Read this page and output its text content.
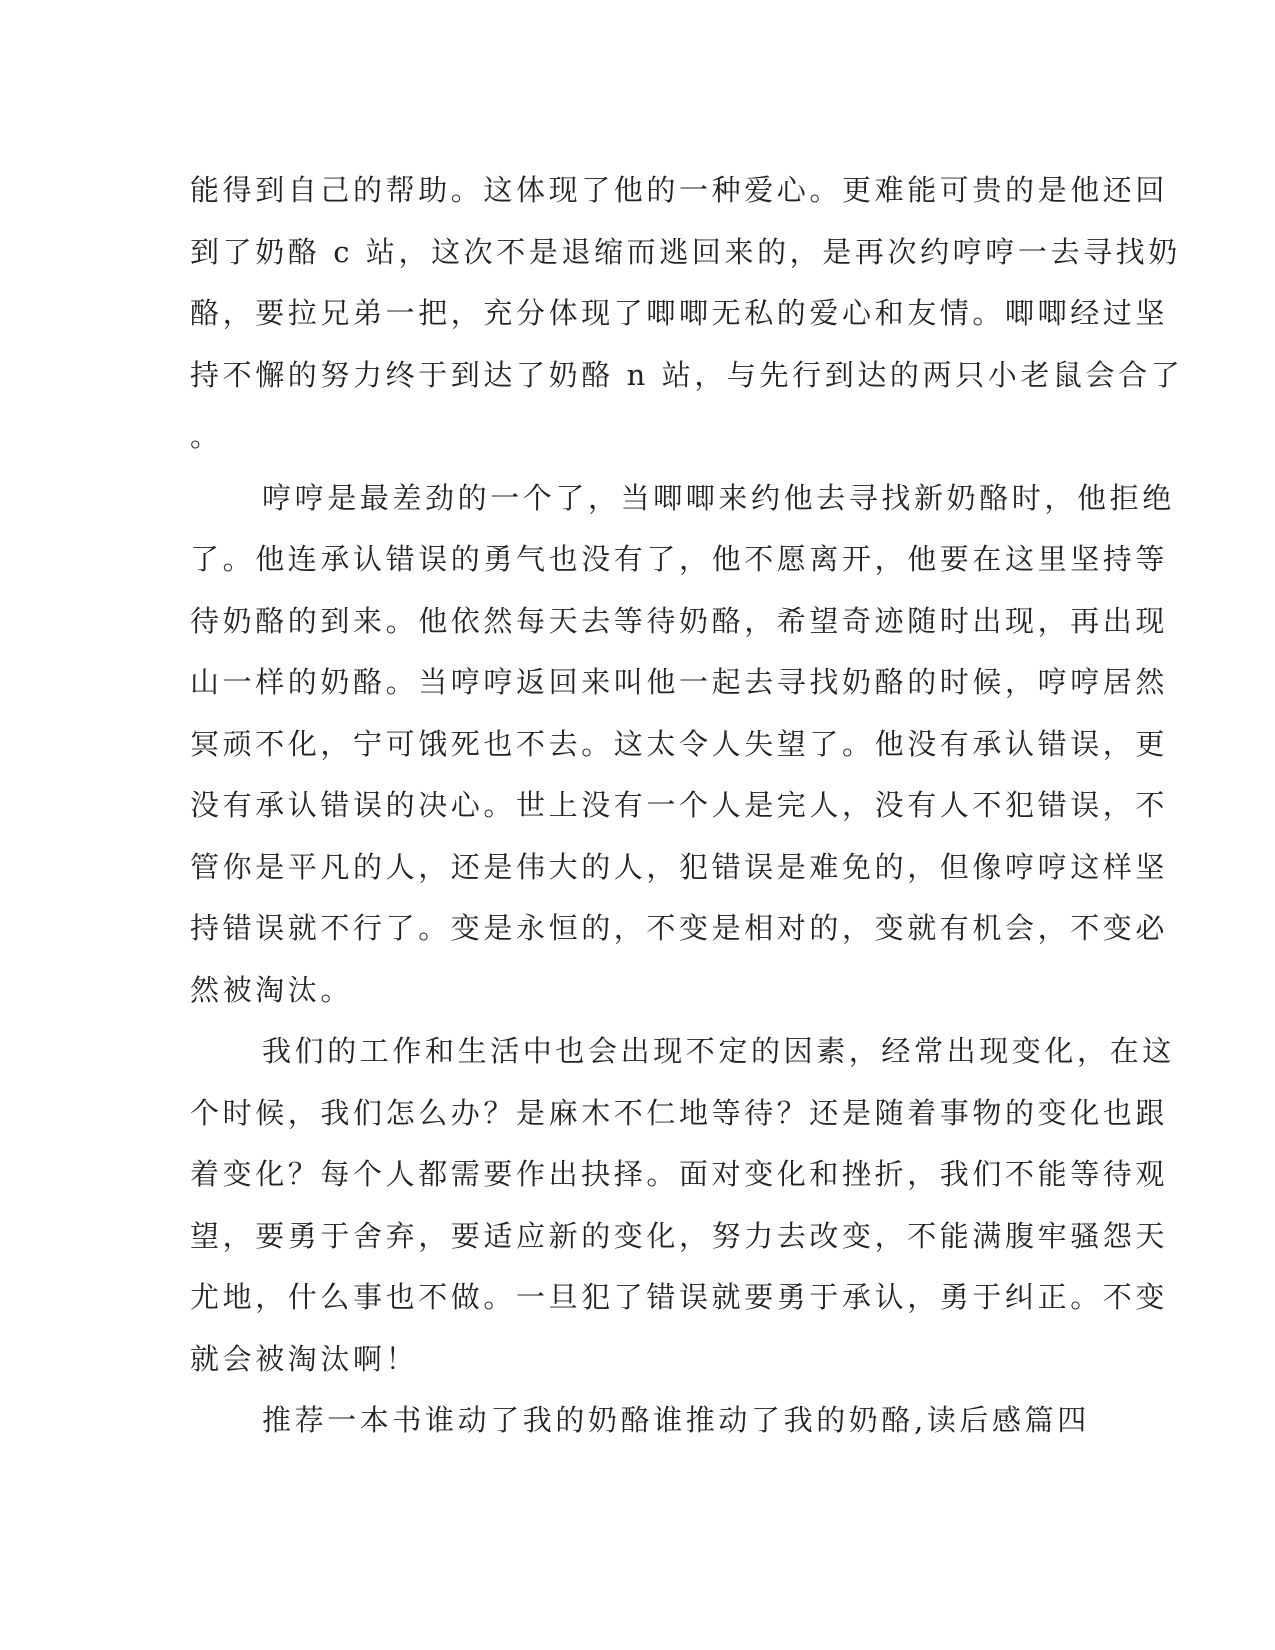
能得到自己的帮助。这体现了他的一种爱心。更难能可贵的是他还回
到了奶酪 c 站，这次不是退缩而逃回来的，是再次约哼哼一去寻找奶
酪，要拉兄弟一把，充分体现了唧唧无私的爱心和友情。唧唧经过坚
持不懈的努力终于到达了奶酪 n 站，与先行到达的两只小老鼠会合了
。
哼哼是最差劲的一个了，当唧唧来约他去寻找新奶酪时，他拒绝
了。他连承认错误的勇气也没有了，他不愿离开，他要在这里坚持等
待奶酪的到来。他依然每天去等待奶酪，希望奇迹随时出现，再出现
山一样的奶酪。当哼哼返回来叫他一起去寻找奶酪的时候，哼哼居然
冥顽不化，宁可饿死也不去。这太令人失望了。他没有承认错误，更
没有承认错误的决心。世上没有一个人是完人，没有人不犯错误，不
管你是平凡的人，还是伟大的人，犯错误是难免的，但像哼哼这样坚
持错误就不行了。变是永恒的，不变是相对的，变就有机会，不变必
然被淘汰。
我们的工作和生活中也会出现不定的因素，经常出现变化，在这
个时候，我们怎么办？是麻木不仁地等待？还是随着事物的变化也跟
着变化？每个人都需要作出抉择。面对变化和挫折，我们不能等待观
望，要勇于舍弃，要适应新的变化，努力去改变，不能满腹牢骚怨天
尤地，什么事也不做。一旦犯了错误就要勇于承认，勇于纠正。不变
就会被淘汰啊！
推荐一本书谁动了我的奶酪谁推动了我的奶酪,读后感篇四
